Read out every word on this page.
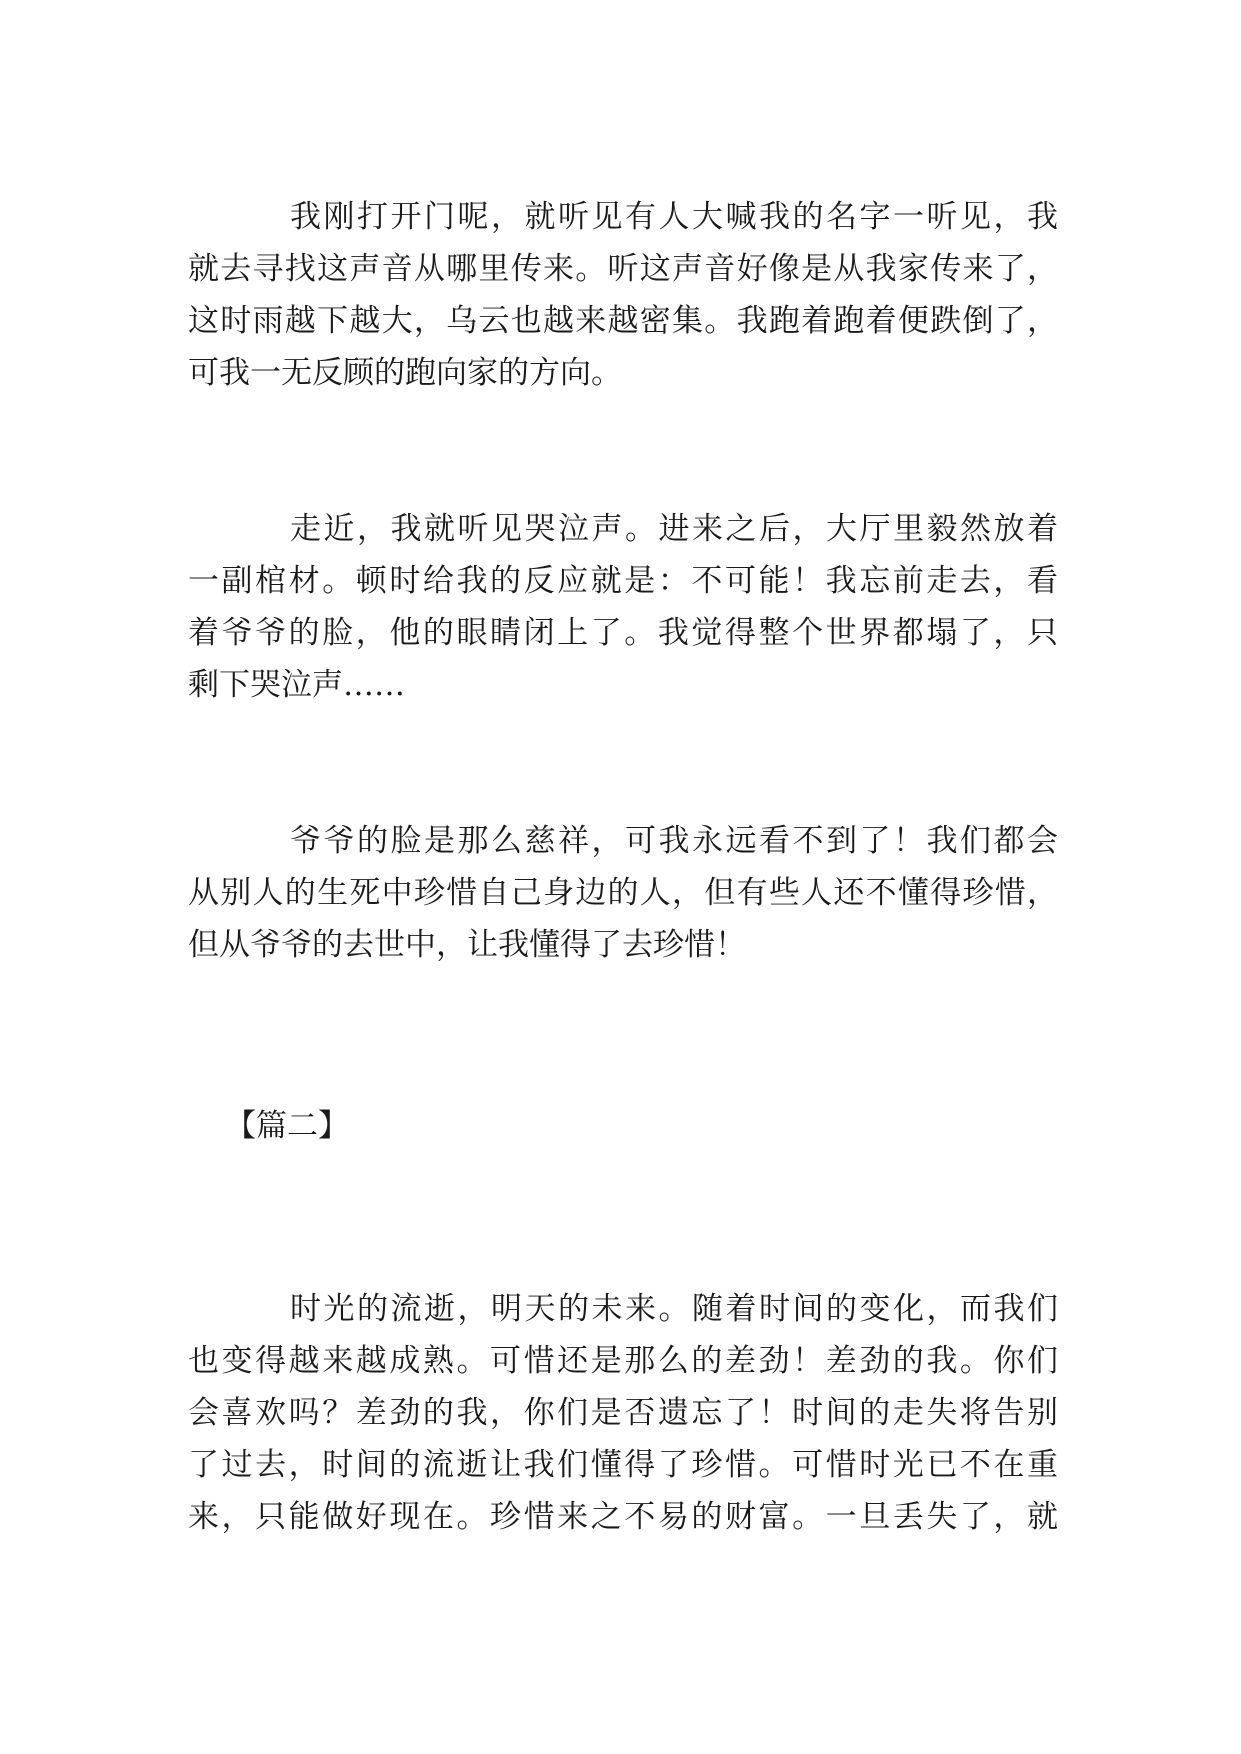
我刚打开门呢，就听见有人大喊我的名字一听见，我

就去寻找这声音从哪里传来。听这声音好像是从我家传来了，

这时雨越下越大，乌云也越来越密集。我跑着跑着便跌倒了，

可我一无反顾的跑向家的方向。

走近，我就听见哭泣声。进来之后，大厅里毅然放着

一副棺材。顿时给我的反应就是：不可能！我忘前走去，看

着爷爷的脸，他的眼睛闭上了。我觉得整个世界都塌了，只

剩下哭泣声……

爷爷的脸是那么慈祥，可我永远看不到了！我们都会

从别人的生死中珍惜自己身边的人，但有些人还不懂得珍惜，

但从爷爷的去世中，让我懂得了去珍惜！

【篇二】

时光的流逝，明天的未来。随着时间的变化，而我们

也变得越来越成熟。可惜还是那么的差劲！差劲的我。你们

会喜欢吗？差劲的我，你们是否遗忘了！时间的走失将告别

了过去，时间的流逝让我们懂得了珍惜。可惜时光已不在重

来，只能做好现在。珍惜来之不易的财富。一旦丢失了，就
